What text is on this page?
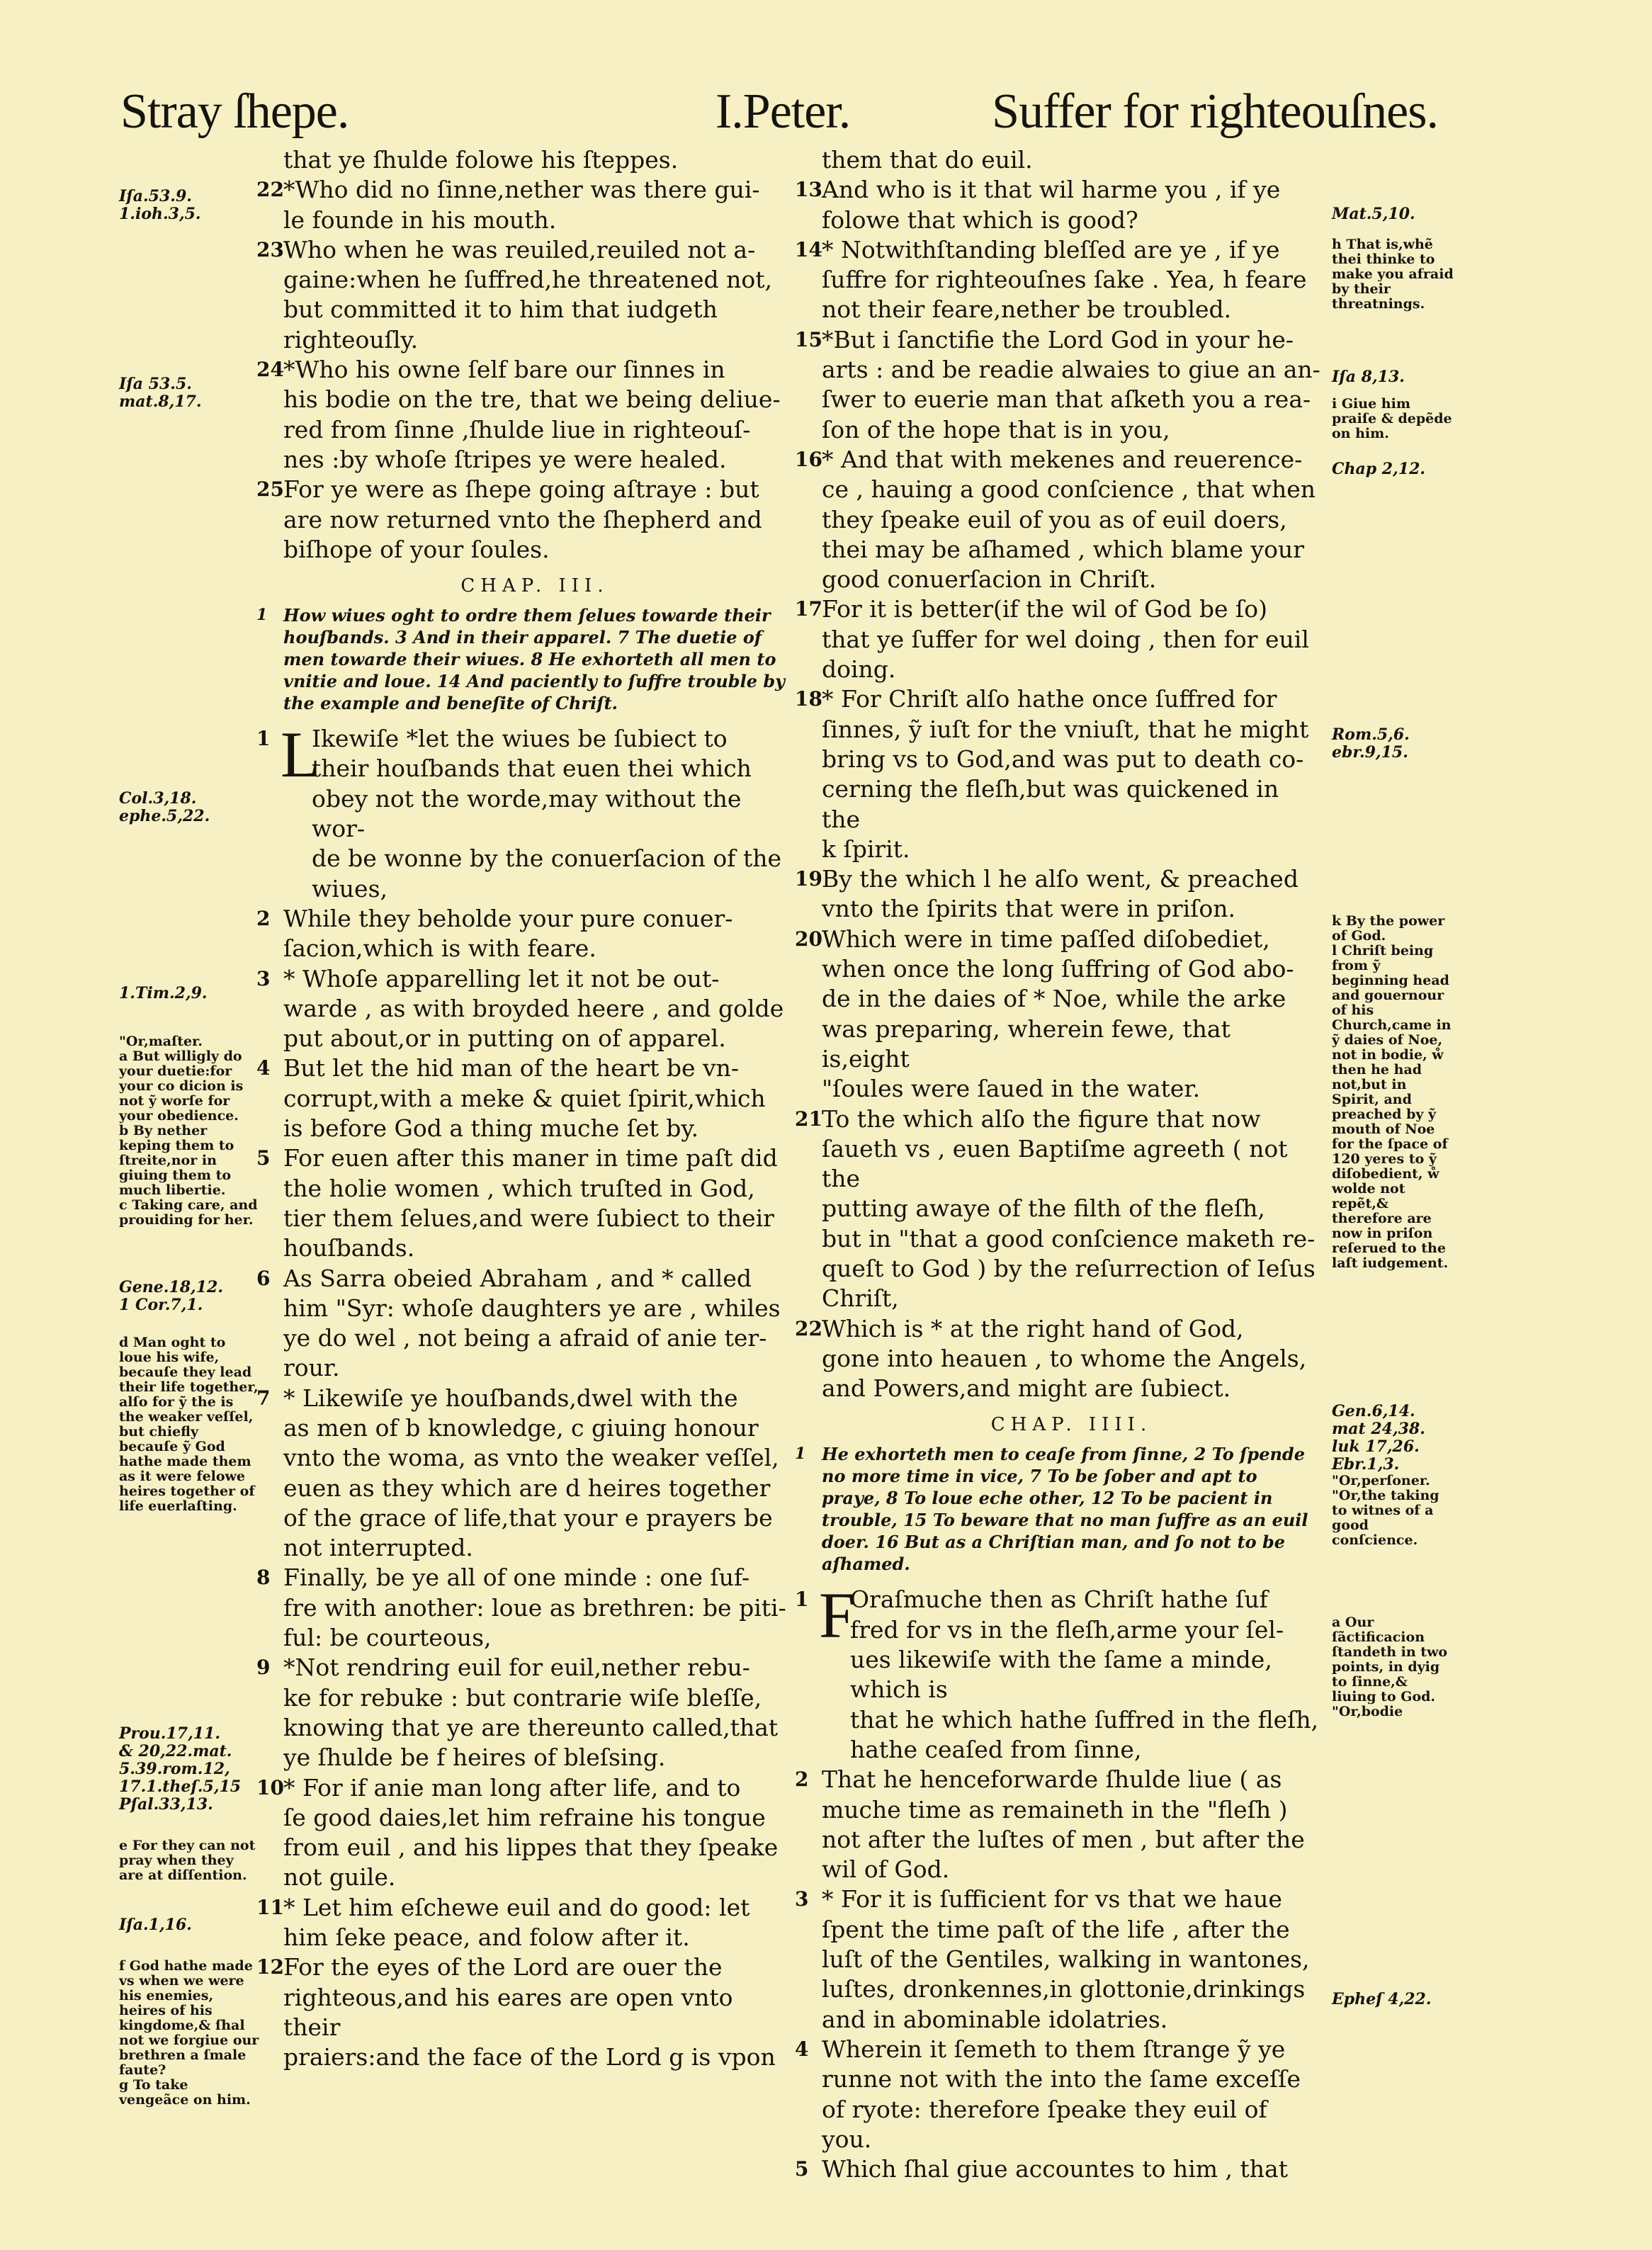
Stray ſhepe.	I.Peter.	Suffer for righteouſnes.
Iſa.53.9.
1.ioh.3,5.
Iſa 53.5.
mat.8,17.
Col.3,18.
ephe.5,22.
1.Tim.2,9.
"Or,maſter.
a But willigly do your duetie:for your co dicion is not ỹ worſe for your obedience.
b By nether keping them to ſtreite,nor in giuing them to much libertie.
c Taking care, and prouiding for her.
Gene.18,12.
1 Cor.7,1.
d Man oght to loue his wife, becauſe they lead their life together, alſo for ỹ the is the weaker veſſel, but chiefly becauſe ỹ God hathe made them as it were felowe heires together of life euerlaſting.
Prou.17,11.
& 20,22.mat.
5.39.rom.12,
17.1.theſ.5,15
Pſal.33,13.
e For they can not pray when they are at diſſention.
Iſa.1,16.
f God hathe made vs when we were his enemies, heires of his kingdome,& ſhal not we forgiue our brethren a ſmale faute?
g To take vengeãce on him.
that ye ſhulde folowe his ſteppes.
22 *Who did no ſinne,nether was there gui-
le founde in his mouth.
23 Who when he was reuiled,reuiled not a-
gaine:when he ſuffred,he threatened not,
but committed it to him that iudgeth
righteouſly.
24 *Who his owne ſelf bare our ſinnes in
his bodie on the tre, that we being deliue-
red from ſinne ,ſhulde liue in righteouſ-
nes :by whoſe ſtripes ye were healed.
25 For ye were as ſhepe going aſtraye : but
are now returned vnto the ſhepherd and
biſhope of your ſoules.
CHAP. III.
1 How wiues oght to ordre them ſelues towarde their houſbands. 3 And in their apparel. 7 The duetie of men towarde their wiues. 8 He exhorteth all men to vnitie and loue. 14 And paciently to ſuffre trouble by the example and beneſite of Chriſt.
1 L
Ikewiſe *let the wiues be ſubiect to
their houſbands that euen thei which
obey not the worde,may without the wor-
de be wonne by the conuerſacion of the
wiues,
2 While they beholde your pure conuer-
ſacion,which is with feare.
3 * Whoſe apparelling let it not be out-
warde , as with broyded heere , and golde
put about,or in putting on of apparel.
4 But let the hid man of the heart be vn-
corrupt,with a meke & quiet ſpirit,which
is before God a thing muche ſet by.
5 For euen after this maner in time paſt did
the holie women , which truſted in God,
tier them ſelues,and were ſubiect to their
houſbands.
6 As Sarra obeied Abraham , and * called
him "Syr: whoſe daughters ye are , whiles
ye do wel , not being a afraid of anie ter-
rour.
7 * Likewiſe ye houſbands,dwel with the
as men of b knowledge, c giuing honour
vnto the woma, as vnto the weaker veſſel,
euen as they which are d heires together
of the grace of life,that your e prayers be
not interrupted.
8 Finally, be ye all of one minde : one ſuf-
fre with another: loue as brethren: be piti-
ful: be courteous,
9 *Not rendring euil for euil,nether rebu-
ke for rebuke : but contrarie wiſe bleſſe,
knowing that ye are thereunto called,that
ye ſhulde be f heires of bleſsing.
10 * For if anie man long after life, and to
ſe good daies,let him refraine his tongue
from euil , and his lippes that they ſpeake
not guile.
11 * Let him eſchewe euil and do good: let
him ſeke peace, and folow after it.
12 For the eyes of the Lord are ouer the
righteous,and his eares are open vnto their
praiers:and the face of the Lord g is vpon
them that do euil.
13 And who is it that wil harme you , if ye
folowe that which is good?
14 * Notwithſtanding bleſſed are ye , if ye
ſuffre for righteouſnes ſake . Yea, h feare
not their feare,nether be troubled.
15 *But i ſanctifie the Lord God in your he-
arts : and be readie alwaies to giue an an-
ſwer to euerie man that aſketh you a rea-
ſon of the hope that is in you,
16 * And that with mekenes and reuerence-
ce , hauing a good conſcience , that when
they ſpeake euil of you as of euil doers,
thei may be aſhamed , which blame your
good conuerſacion in Chriſt.
17 For it is better(if the wil of God be ſo)
that ye ſuffer for wel doing , then for euil
doing.
18 * For Chriſt alſo hathe once ſuffred for
ſinnes, ỹ iuſt for the vniuſt, that he might
bring vs to God,and was put to death co-
cerning the fleſh,but was quickened in the
k ſpirit.
19 By the which l he alſo went, & preached
vnto the ſpirits that were in priſon.
20 Which were in time paſſed diſobediet,
when once the long ſuffring of God abo-
de in the daies of * Noe, while the arke
was preparing, wherein fewe, that is,eight
"ſoules were ſaued in the water.
21 To the which alſo the figure that now
ſaueth vs , euen Baptiſme agreeth ( not the
putting awaye of the filth of the fleſh,
but in "that a good conſcience maketh re-
queſt to God ) by the reſurrection of Ieſus
Chriſt,
22 Which is * at the right hand of God,
gone into heauen , to whome the Angels,
and Powers,and might are ſubiect.
CHAP. IIII.
1 He exhorteth men to ceaſe from ſinne, 2 To ſpende no more time in vice, 7 To be ſober and apt to praye, 8 To loue eche other, 12 To be pacient in trouble, 15 To beware that no man ſuffre as an euil doer. 16 But as a Chriſtian man, and ſo not to be aſhamed.
1 F
Oraſmuche then as Chriſt hathe ſuf
fred for vs in the fleſh,arme your ſel-
ues likewiſe with the ſame a minde, which is
that he which hathe ſuffred in the fleſh,
hathe ceaſed from ſinne,
2 That he henceforwarde ſhulde liue ( as
muche time as remaineth in the "fleſh )
not after the luſtes of men , but after the
wil of God.
3 * For it is ſufficient for vs that we haue
ſpent the time paſt of the life , after the
luſt of the Gentiles, walking in wantones,
luſtes, dronkennes,in glottonie,drinkings
and in abominable idolatries.
4 Wherein it ſemeth to them ſtrange ỹ ye
runne not with the into the ſame exceſſe
of ryote: therefore ſpeake they euil of you.
5 Which ſhal giue accountes to him , that
Mat.5,10.
h That is,whẽ thei thinke to make you afraid by their threatnings.
Iſa 8,13.
i Giue him praiſe & depẽde on him.
Chap 2,12.
Rom.5,6.
ebr.9,15.
k By the power of God.
l Chriſt being from ỹ beginning head and gouernour of his Church,came in ỹ daies of Noe, not in bodie, ẘ then he had not,but in Spirit, and preached by ỹ mouth of Noe for the ſpace of 120 yeres to ỹ diſobedient, ẘ wolde not repẽt,& therefore are now in priſon reſerued to the laſt iudgement.
Gen.6,14.
mat 24,38.
luk 17,26.
Ebr.1,3.
"Or,perſoner.
"Or,the taking to witnes of a good conſcience.
a Our ſãctificacion ſtandeth in two points, in dyig to ſinne,& liuing to God.
"Or,bodie
Epheſ 4,22.
